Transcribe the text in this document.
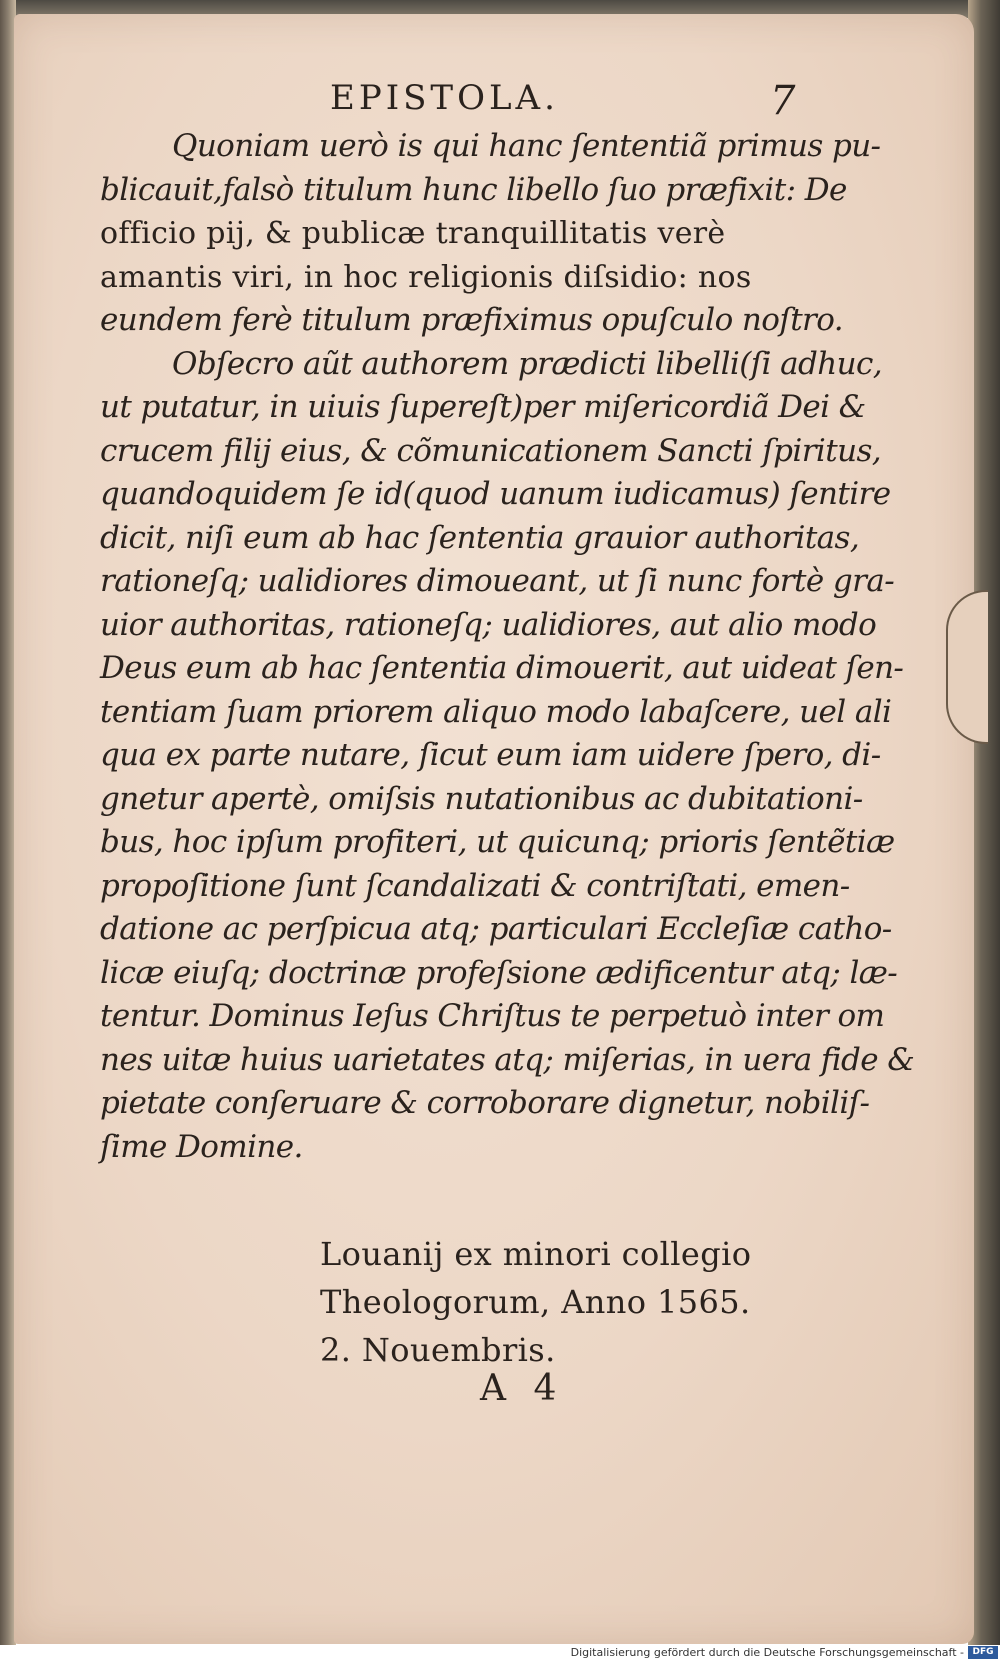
EPISTOLA.	7
Quoniam uerò is qui hanc ſententiã primus pu-
blicauit,falsò titulum hunc libello ſuo præfixit: De
officio pij, & publicæ tranquillitatis verè
amantis viri, in hoc religionis diſsidio: nos
eundem ferè titulum præfiximus opuſculo noſtro.
Obſecro aũt authorem prædicti libelli(ſi adhuc,
ut putatur, in uiuis ſupereſt)per miſericordiã Dei &
crucem filij eius, & cõmunicationem Sancti ſpiritus,
quandoquidem ſe id(quod uanum iudicamus) ſentire
dicit, niſi eum ab hac ſententia grauior authoritas,
rationeſq; ualidiores dimoueant, ut ſi nunc fortè gra-
uior authoritas, rationeſq; ualidiores, aut alio modo
Deus eum ab hac ſententia dimouerit, aut uideat ſen-
tentiam ſuam priorem aliquo modo labaſcere, uel ali
qua ex parte nutare, ſicut eum iam uidere ſpero, di-
gnetur apertè, omiſsis nutationibus ac dubitationi-
bus, hoc ipſum profiteri, ut quicunq; prioris ſentẽtiæ
propoſitione ſunt ſcandalizati & contriſtati, emen-
datione ac perſpicua atq; particulari Eccleſiæ catho-
licæ eiuſq; doctrinæ profeſsione ædificentur atq; læ-
tentur. Dominus Ieſus Chriſtus te perpetuò inter om
nes uitæ huius uarietates atq; miſerias, in uera fide &
pietate conſeruare & corroborare dignetur, nobiliſ-
ſime Domine.
Louanij ex minori collegio
Theologorum, Anno 1565.
2. Nouembris.
A 4
Digitalisierung gefördert durch die Deutsche Forschungsgemeinschaft - DFG
